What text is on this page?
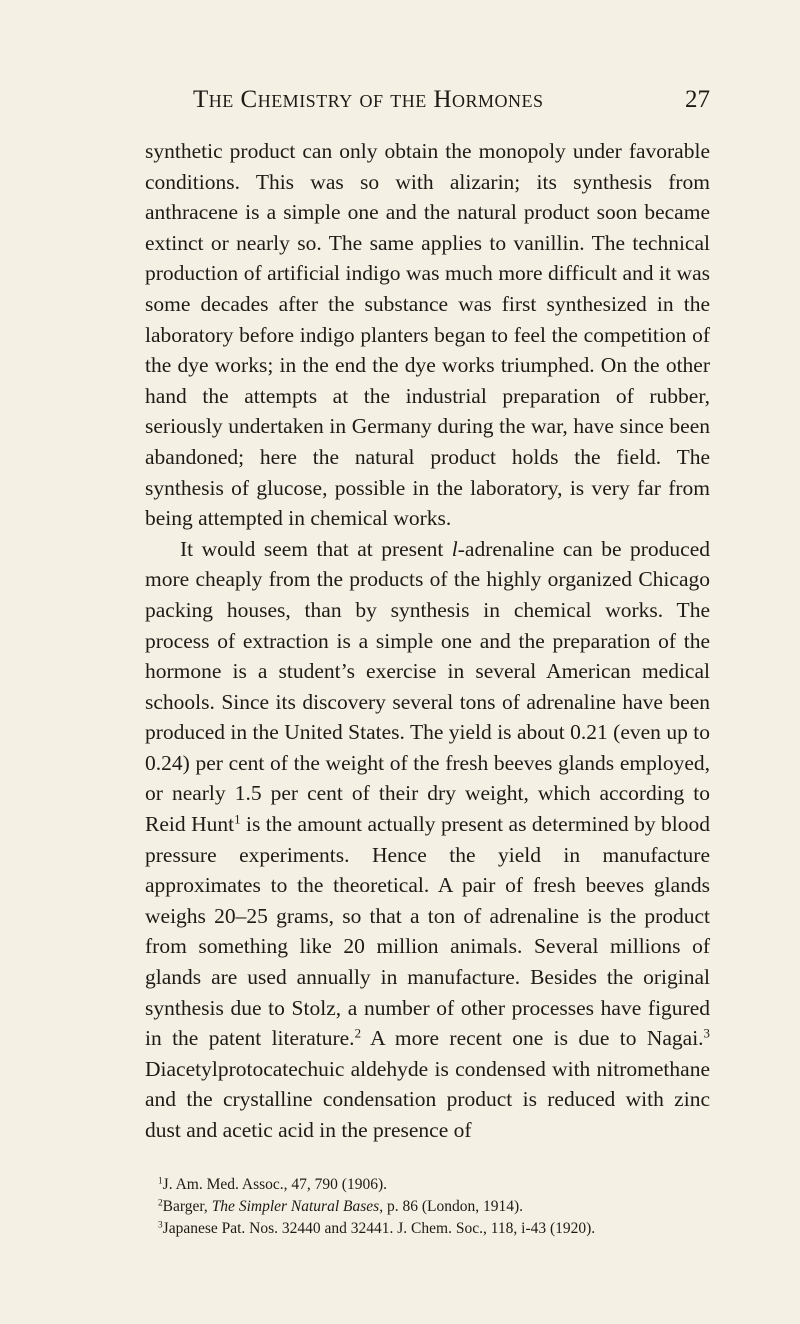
The Chemistry of the Hormones	27

synthetic product can only obtain the monopoly under favorable conditions. This was so with alizarin; its synthesis from anthracene is a simple one and the natural product soon became extinct or nearly so. The same applies to vanillin. The technical production of artificial indigo was much more difficult and it was some decades after the substance was first synthesized in the laboratory before indigo planters began to feel the competition of the dye works; in the end the dye works triumphed. On the other hand the attempts at the industrial preparation of rubber, seriously undertaken in Germany during the war, have since been abandoned; here the natural product holds the field. The synthesis of glucose, possible in the laboratory, is very far from being attempted in chemical works.

It would seem that at present l-adrenaline can be produced more cheaply from the products of the highly organized Chicago packing houses, than by synthesis in chemical works. The process of extraction is a simple one and the preparation of the hormone is a student’s exercise in several American medical schools. Since its discovery several tons of adrenaline have been produced in the United States. The yield is about 0.21 (even up to 0.24) per cent of the weight of the fresh beeves glands employed, or nearly 1.5 per cent of their dry weight, which according to Reid Hunt$^1$ is the amount actually present as determined by blood pressure experiments. Hence the yield in manufacture approximates to the theoretical. A pair of fresh beeves glands weighs 20–25 grams, so that a ton of adrenaline is the product from something like 20 million animals. Several millions of glands are used annually in manufacture. Besides the original synthesis due to Stolz, a number of other processes have figured in the patent literature.$^2$ A more recent one is due to Nagai.$^3$ Diacetylprotocatechuic aldehyde is condensed with nitromethane and the crystalline condensation product is reduced with zinc dust and acetic acid in the presence of

$^1$J. Am. Med. Assoc., 47, 790 (1906).
$^2$Barger, The Simpler Natural Bases, p. 86 (London, 1914).
$^3$Japanese Pat. Nos. 32440 and 32441. J. Chem. Soc., 118, i-43 (1920).
